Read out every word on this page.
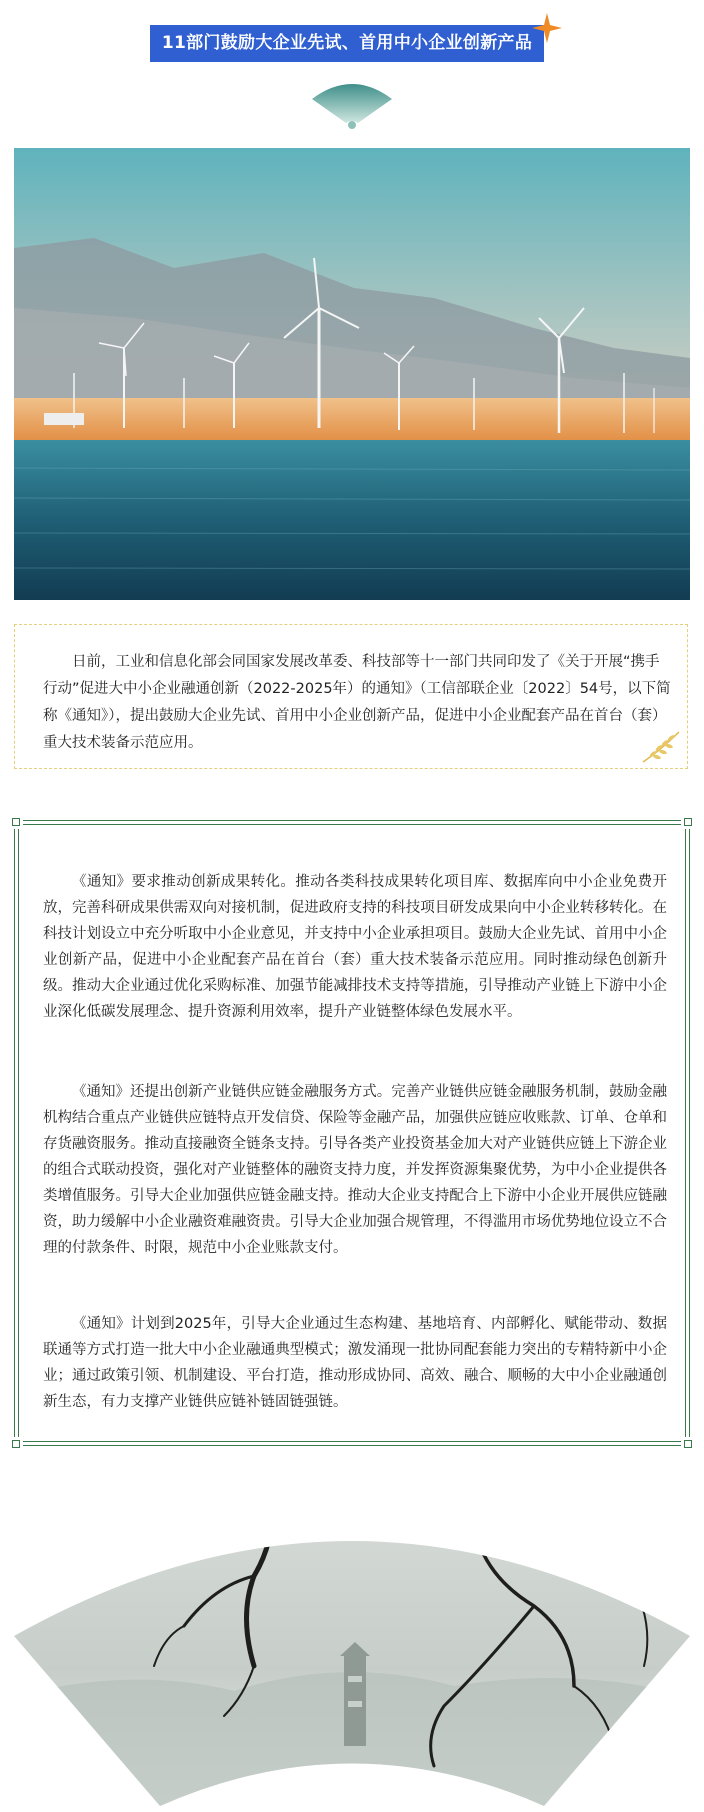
11部门鼓励大企业先试、首用中小企业创新产品

日前，工业和信息化部会同国家发展改革委、科技部等十一部门共同印发了《关于开展“携手行动”促进大中小企业融通创新（2022-2025年）的通知》（工信部联企业〔2022〕54号，以下简称《通知》），提出鼓励大企业先试、首用中小企业创新产品，促进中小企业配套产品在首台（套）重大技术装备示范应用。

《通知》要求推动创新成果转化。推动各类科技成果转化项目库、数据库向中小企业免费开放，完善科研成果供需双向对接机制，促进政府支持的科技项目研发成果向中小企业转移转化。在科技计划设立中充分听取中小企业意见，并支持中小企业承担项目。鼓励大企业先试、首用中小企业创新产品，促进中小企业配套产品在首台（套）重大技术装备示范应用。同时推动绿色创新升级。推动大企业通过优化采购标准、加强节能减排技术支持等措施，引导推动产业链上下游中小企业深化低碳发展理念、提升资源利用效率，提升产业链整体绿色发展水平。

《通知》还提出创新产业链供应链金融服务方式。完善产业链供应链金融服务机制，鼓励金融机构结合重点产业链供应链特点开发信贷、保险等金融产品，加强供应链应收账款、订单、仓单和存货融资服务。推动直接融资全链条支持。引导各类产业投资基金加大对产业链供应链上下游企业的组合式联动投资，强化对产业链整体的融资支持力度，并发挥资源集聚优势，为中小企业提供各类增值服务。引导大企业加强供应链金融支持。推动大企业支持配合上下游中小企业开展供应链融资，助力缓解中小企业融资难融资贵。引导大企业加强合规管理，不得滥用市场优势地位设立不合理的付款条件、时限，规范中小企业账款支付。

《通知》计划到2025年，引导大企业通过生态构建、基地培育、内部孵化、赋能带动、数据联通等方式打造一批大中小企业融通典型模式；激发涌现一批协同配套能力突出的专精特新中小企业；通过政策引领、机制建设、平台打造，推动形成协同、高效、融合、顺畅的大中小企业融通创新生态，有力支撑产业链供应链补链固链强链。
